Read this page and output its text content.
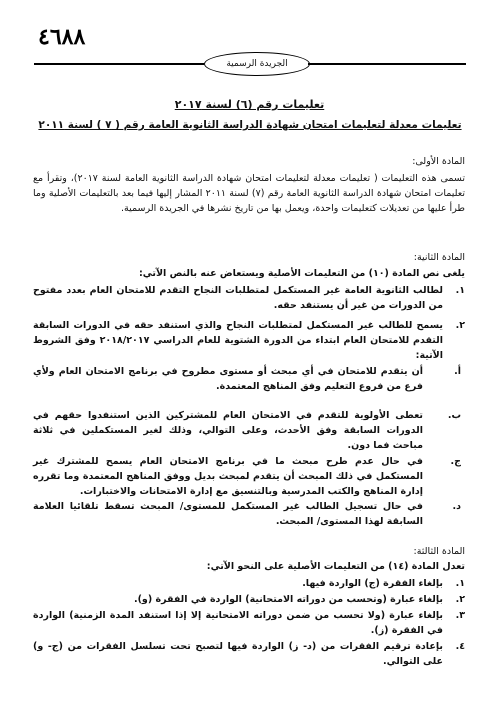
٤٦٨٨
الجريدة الرسمية
تعليمات رقم (٦) لسنة ٢٠١٧
تعليمات معدلة لتعليمات امتحان شهادة الدراسة الثانوية العامة رقم ( ٧ ) لسنة ٢٠١١
المادة الأولى:
تسمى هذه التعليمات ( تعليمات معدلة لتعليمات امتحان شهادة الدراسة الثانوية العامة لسنة ٢٠١٧)، وتقرأ مع تعليمات امتحان شهادة الدراسة الثانوية العامة رقم (٧) لسنة ٢٠١١ المشار إليها فيما بعد بالتعليمات الأصلية وما طرأ عليها من تعديلات كتعليمات واحدة، ويعمل بها من تاريخ نشرها في الجريدة الرسمية.
المادة الثانية:
يلغى نص المادة (١٠) من التعليمات الأصلية ويستعاض عنه بالنص الآتي:
١.
لطالب الثانوية العامة غير المستكمل لمتطلبات النجاح التقدم للامتحان العام بعدد مفتوح من الدورات من غير أن يستنفد حقه.
٢.
يسمح للطالب غير المستكمل لمتطلبات النجاح والذي استنفد حقه في الدورات السابقة التقدم للامتحان العام ابتداء من الدورة الشتوية للعام الدراسي ٢٠١٨/٢٠١٧ وفق الشروط الآتية:
أ.
أن يتقدم للامتحان في أي مبحث أو مستوى مطروح في برنامج الامتحان العام ولأي فرع من فروع التعليم وفق المناهج المعتمدة.
ب.
تعطى الأولوية للتقدم في الامتحان العام للمشتركين الذين استنفدوا حقهم في الدورات السابقة وفق الأحدث، وعلى التوالي، وذلك لغير المستكملين في ثلاثة مباحث فما دون.
ج.
في حال عدم طرح مبحث ما في برنامج الامتحان العام يسمح للمشترك غير المستكمل في ذلك المبحث أن يتقدم لمبحث بديل ووفق المناهج المعتمدة وما تقرره إدارة المناهج والكتب المدرسية وبالتنسيق مع إدارة الامتحانات والاختبارات.
د.
في حال تسجيل الطالب غير المستكمل للمستوى/ المبحث تسقط تلقائيا العلامة السابقة لهذا المستوى/ المبحث.
المادة الثالثة:
تعدل المادة (١٤) من التعليمات الأصلية على النحو الآتي:
١.
بإلغاء الفقرة (ج) الواردة فيها.
٢.
بإلغاء عبارة (وتحسب من دوراته الامتحانية) الواردة في الفقرة (و).
٣.
بإلغاء عبارة (ولا تحسب من ضمن دوراته الامتحانية إلا إذا استنفد المدة الزمنية) الواردة في الفقرة (ز).
٤.
بإعادة ترقيم الفقرات من (د- ز) الواردة فيها لتصبح تحت تسلسل الفقرات من (ج- و) على التوالي.
